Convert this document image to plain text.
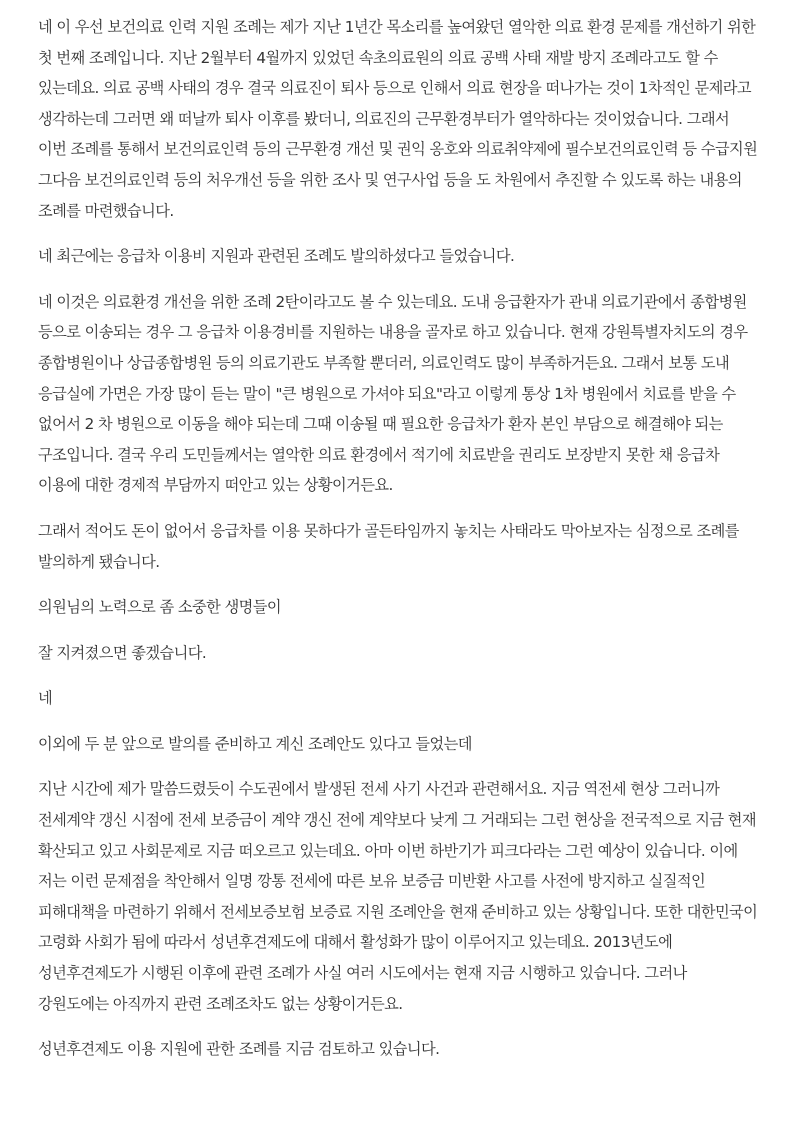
네 이 우선 보건의료 인력 지원 조례는 제가 지난 1년간 목소리를 높여왔던 열악한 의료 환경 문제를 개선하기 위한 첫 번째 조례입니다. 지난 2월부터 4월까지 있었던 속초의료원의 의료 공백 사태 재발 방지 조례라고도 할 수 있는데요. 의료 공백 사태의 경우 결국 의료진이 퇴사 등으로 인해서 의료 현장을 떠나가는 것이 1차적인 문제라고 생각하는데 그러면 왜 떠날까 퇴사 이후를 봤더니, 의료진의 근무환경부터가 열악하다는 것이었습니다. 그래서 이번 조례를 통해서 보건의료인력 등의 근무환경 개선 및 권익 옹호와 의료취약제에 필수보건의료인력 등 수급지원 그다음 보건의료인력 등의 처우개선 등을 위한 조사 및 연구사업 등을 도 차원에서 추진할 수 있도록 하는 내용의 조례를 마련했습니다.

네 최근에는 응급차 이용비 지원과 관련된 조례도 발의하셨다고 들었습니다.

네 이것은 의료환경 개선을 위한 조례 2탄이라고도 볼 수 있는데요. 도내 응급환자가 관내 의료기관에서 종합병원 등으로 이송되는 경우 그 응급차 이용경비를 지원하는 내용을 골자로 하고 있습니다. 현재 강원특별자치도의 경우 종합병원이나 상급종합병원 등의 의료기관도 부족할 뿐더러, 의료인력도 많이 부족하거든요. 그래서 보통 도내 응급실에 가면은 가장 많이 듣는 말이 "큰 병원으로 가셔야 되요"라고 이렇게 통상 1차 병원에서 치료를 받을 수 없어서 2 차 병원으로 이동을 해야 되는데 그때 이송될 때 필요한 응급차가 환자 본인 부담으로 해결해야 되는 구조입니다. 결국 우리 도민들께서는 열악한 의료 환경에서 적기에 치료받을 권리도 보장받지 못한 채 응급차 이용에 대한 경제적 부담까지 떠안고 있는 상황이거든요.

그래서 적어도 돈이 없어서 응급차를 이용 못하다가 골든타임까지 놓치는 사태라도 막아보자는 심정으로 조례를 발의하게 됐습니다.

의원님의 노력으로 좀 소중한 생명들이

잘 지켜졌으면 좋겠습니다.

네

이외에 두 분 앞으로 발의를 준비하고 계신 조례안도 있다고 들었는데

지난 시간에 제가 말씀드렸듯이 수도권에서 발생된 전세 사기 사건과 관련해서요. 지금 역전세 현상 그러니까 전세계약 갱신 시점에 전세 보증금이 계약 갱신 전에 계약보다 낮게 그 거래되는 그런 현상을 전국적으로 지금 현재 확산되고 있고 사회문제로 지금 떠오르고 있는데요. 아마 이번 하반기가 피크다라는 그런 예상이 있습니다. 이에 저는 이런 문제점을 착안해서 일명 깡통 전세에 따른 보유 보증금 미반환 사고를 사전에 방지하고 실질적인 피해대책을 마련하기 위해서 전세보증보험 보증료 지원 조례안을 현재 준비하고 있는 상황입니다. 또한 대한민국이 고령화 사회가 됨에 따라서 성년후견제도에 대해서 활성화가 많이 이루어지고 있는데요. 2013년도에 성년후견제도가 시행된 이후에 관련 조례가 사실 여러 시도에서는 현재 지금 시행하고 있습니다. 그러나 강원도에는 아직까지 관련 조례조차도 없는 상황이거든요.

성년후견제도 이용 지원에 관한 조례를 지금 검토하고 있습니다.
